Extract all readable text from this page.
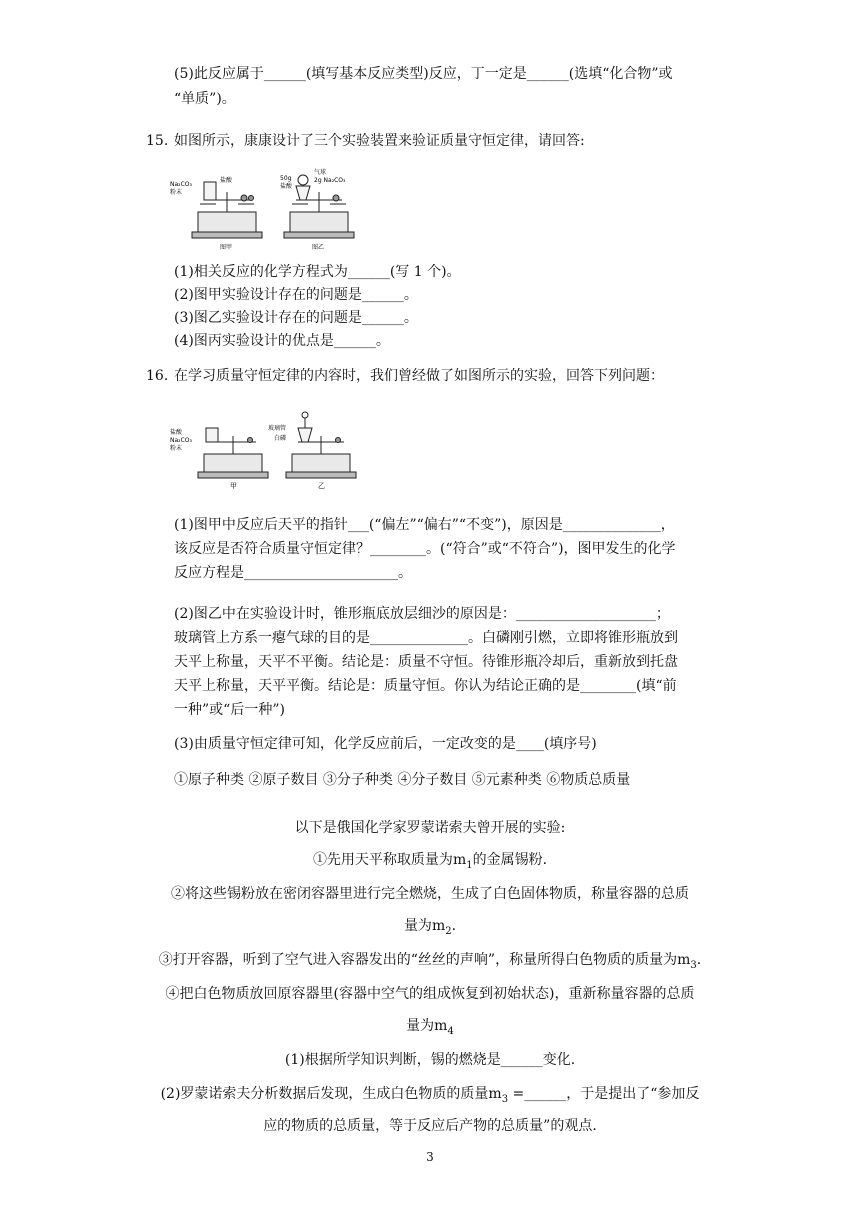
(5)此反应属于______(填写基本反应类型)反应，丁一定是______(选填“化合物”或
“单质”)。
15. 如图所示，康康设计了三个实验装置来验证质量守恒定律，请回答:
Na₂CO₃
粉末
盐酸	50g
盐酸
气球
2g Na₂CO₃
图甲	图乙
(1)相关反应的化学方程式为______(写 1 个)。
(2)图甲实验设计存在的问题是______。
(3)图乙实验设计存在的问题是______。
(4)图丙实验设计的优点是______。
16. 在学习质量守恒定律的内容时，我们曾经做了如图所示的实验，回答下列问题：
盐酸
Na₂CO₃
粉末
玻璃管
白磷
甲	乙
(1)图甲中反应后天平的指针___(“偏左”“偏右”“不变”)，原因是______________，
该反应是否符合质量守恒定律？________。(“符合”或“不符合”)，图甲发生的化学
反应方程是______________________。
(2)图乙中在实验设计时，锥形瓶底放层细沙的原因是：____________________；
玻璃管上方系一瘪气球的目的是______________。白磷刚引燃，立即将锥形瓶放到
天平上称量，天平不平衡。结论是：质量不守恒。待锥形瓶冷却后，重新放到托盘
天平上称量，天平平衡。结论是：质量守恒。你认为结论正确的是________(填“前
一种”或“后一种”)
(3)由质量守恒定律可知，化学反应前后，一定改变的是____(填序号)
①原子种类 ②原子数目 ③分子种类 ④分子数目 ⑤元素种类 ⑥物质总质量
以下是俄国化学家罗蒙诺索夫曾开展的实验:
①先用天平称取质量为$m_1$的金属锡粉.
②将这些锡粉放在密闭容器里进行完全燃烧，生成了白色固体物质，称量容器的总质
量为$m_2$.
③打开容器，听到了空气进入容器发出的“丝丝的声响”，称量所得白色物质的质量为$m_3$.
④把白色物质放回原容器里(容器中空气的组成恢复到初始状态)，重新称量容器的总质
量为$m_4$
(1)根据所学知识判断，锡的燃烧是______变化.
(2)罗蒙诺索夫分析数据后发现，生成白色物质的质量$m_3$ =______，于是提出了“参加反
应的物质的总质量，等于反应后产物的总质量”的观点.
3
